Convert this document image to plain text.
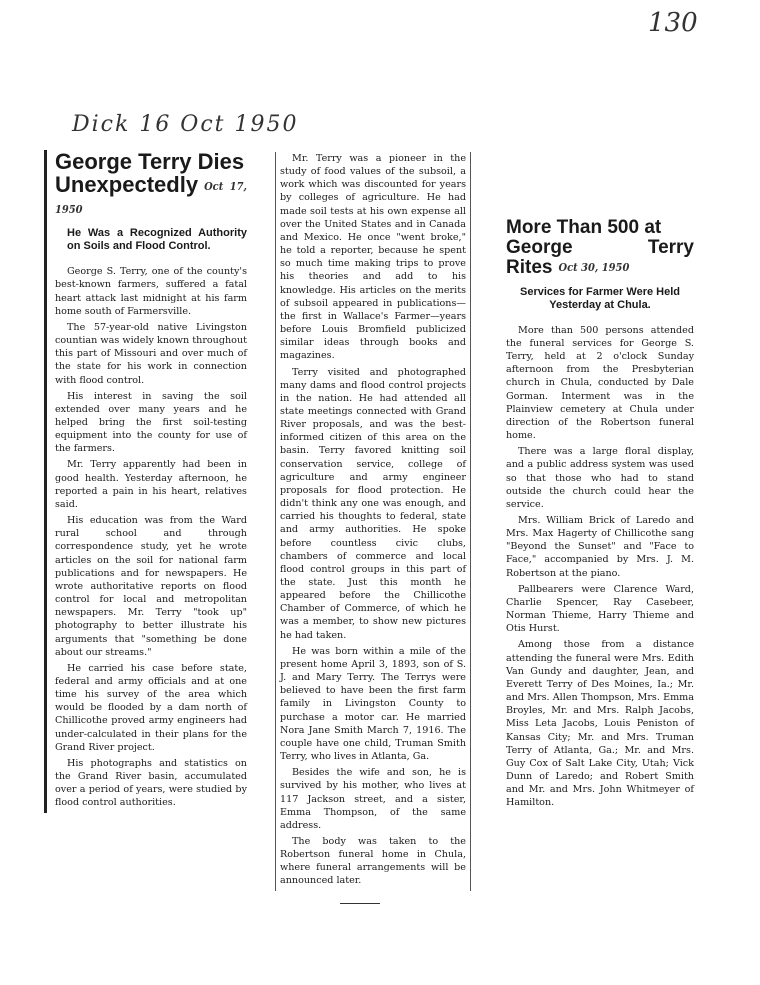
130
Dick 16 Oct 1950
George Terry Dies
Unexpectedly Oct 17, 1950
He Was a Recognized Authority on Soils and Flood Control.

George S. Terry, one of the county's best-known farmers, suffered a fatal heart attack last midnight at his farm home south of Farmersville.

The 57-year-old native Livingston countian was widely known throughout this part of Missouri and over much of the state for his work in connection with flood control.

His interest in saving the soil extended over many years and he helped bring the first soil-testing equipment into the county for use of the farmers.

Mr. Terry apparently had been in good health. Yesterday afternoon, he reported a pain in his heart, relatives said.

His education was from the Ward rural school and through correspondence study, yet he wrote articles on the soil for national farm publications and for newspapers. He wrote authoritative reports on flood control for local and metropolitan newspapers. Mr. Terry "took up" photography to better illustrate his arguments that "something be done about our streams."

He carried his case before state, federal and army officials and at one time his survey of the area which would be flooded by a dam north of Chillicothe proved army engineers had under-calculated in their plans for the Grand River project.

His photographs and statistics on the Grand River basin, accumulated over a period of years, were studied by flood control authorities.

Mr. Terry was a pioneer in the study of food values of the subsoil, a work which was discounted for years by colleges of agriculture. He had made soil tests at his own expense all over the United States and in Canada and Mexico. He once "went broke," he told a reporter, because he spent so much time making trips to prove his theories and add to his knowledge. His articles on the merits of subsoil appeared in publications—the first in Wallace's Farmer—years before Louis Bromfield publicized similar ideas through books and magazines.

Terry visited and photographed many dams and flood control projects in the nation. He had attended all state meetings connected with Grand River proposals, and was the best-informed citizen of this area on the basin. Terry favored knitting soil conservation service, college of agriculture and army engineer proposals for flood protection. He didn't think any one was enough, and carried his thoughts to federal, state and army authorities. He spoke before countless civic clubs, chambers of commerce and local flood control groups in this part of the state. Just this month he appeared before the Chillicothe Chamber of Commerce, of which he was a member, to show new pictures he had taken.

He was born within a mile of the present home April 3, 1893, son of S. J. and Mary Terry. The Terrys were believed to have been the first farm family in Livingston County to purchase a motor car. He married Nora Jane Smith March 7, 1916. The couple have one child, Truman Smith Terry, who lives in Atlanta, Ga.

Besides the wife and son, he is survived by his mother, who lives at 117 Jackson street, and a sister, Emma Thompson, of the same address.

The body was taken to the Robertson funeral home in Chula, where funeral arrangements will be announced later.

More Than 500 at
George Terry Rites Oct 30, 1950
Services for Farmer Were Held Yesterday at Chula.

More than 500 persons attended the funeral services for George S. Terry, held at 2 o'clock Sunday afternoon from the Presbyterian church in Chula, conducted by Dale Gorman. Interment was in the Plainview cemetery at Chula under direction of the Robertson funeral home.

There was a large floral display, and a public address system was used so that those who had to stand outside the church could hear the service.

Mrs. William Brick of Laredo and Mrs. Max Hagerty of Chillicothe sang "Beyond the Sunset" and "Face to Face," accompanied by Mrs. J. M. Robertson at the piano.

Pallbearers were Clarence Ward, Charlie Spencer, Ray Casebeer, Norman Thieme, Harry Thieme and Otis Hurst.

Among those from a distance attending the funeral were Mrs. Edith Van Gundy and daughter, Jean, and Everett Terry of Des Moines, Ia.; Mr. and Mrs. Allen Thompson, Mrs. Emma Broyles, Mr. and Mrs. Ralph Jacobs, Miss Leta Jacobs, Louis Peniston of Kansas City; Mr. and Mrs. Truman Terry of Atlanta, Ga.; Mr. and Mrs. Guy Cox of Salt Lake City, Utah; Vick Dunn of Laredo; and Robert Smith and Mr. and Mrs. John Whitmeyer of Hamilton.
